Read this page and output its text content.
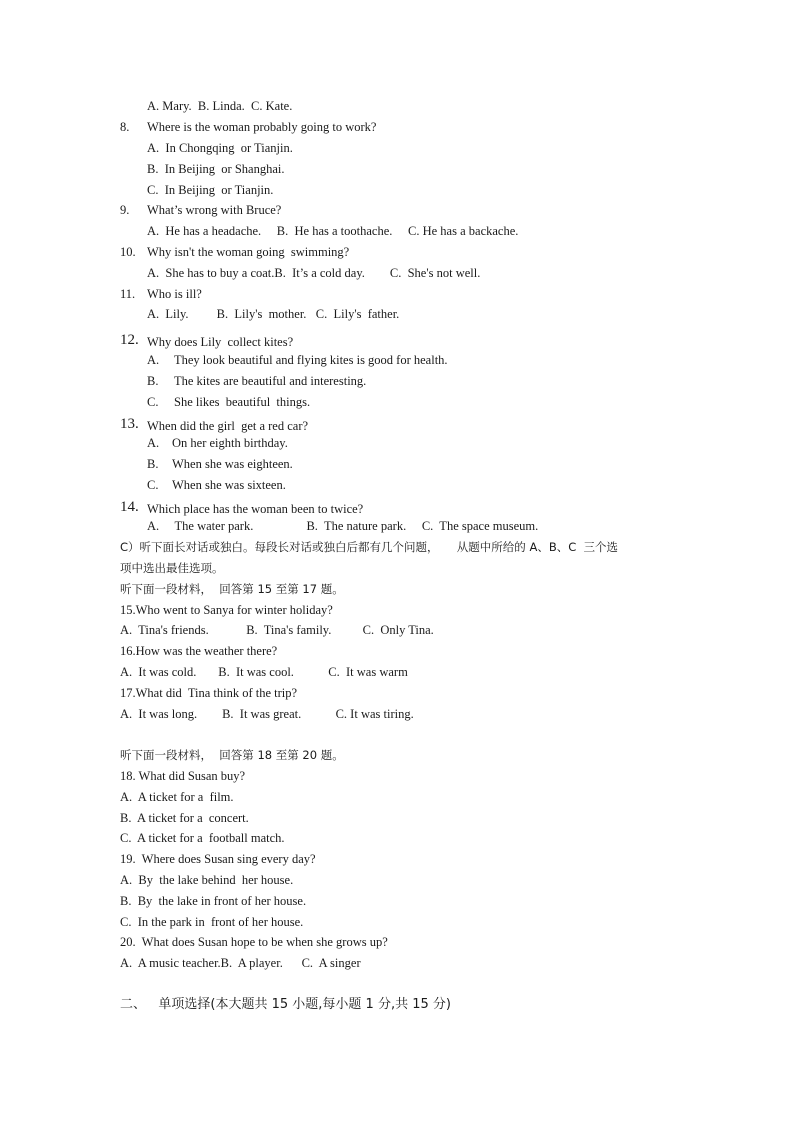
A. Mary.  B. Linda.  C. Kate.
8. Where is the woman probably going to work?
A.  In Chongqing  or Tianjin.
B.  In Beijing  or Shanghai.
C.  In Beijing  or Tianjin.
9. What’s wrong with Bruce?
A.  He has a headache.     B.  He has a toothache.     C. He has a backache.
10. Why isn't the woman going  swimming?
A.  She has to buy a coat.B.  It’s a cold day.        C.  She's not well.
11. Who is ill?
A.  Lily.         B.  Lily's  mother.   C.  Lily's  father.
12. Why does Lily  collect kites?
A. They look beautiful and flying kites is good for health.
B. The kites are beautiful and interesting.
C. She likes  beautiful  things.
13. When did the girl  get a red car?
A. On her eighth birthday.
B. When she was eighteen.
C. When she was sixteen.
14. Which place has the woman been to twice?
A.     The water park.                 B.  The nature park.     C.  The space museum.
C）听下面长对话或独白。每段长对话或独白后都有几个问题，     从题中所给的 A、B、C  三个选
项中选出最佳选项。
听下面一段材料，  回答第 15 至第 17 题。
15.Who went to Sanya for winter holiday?
A.  Tina's friends.            B.  Tina's family.          C.  Only Tina.
16.How was the weather there?
A.  It was cold.       B.  It was cool.           C.  It was warm
17.What did  Tina think of the trip?
A.  It was long.        B.  It was great.           C. It was tiring.
听下面一段材料，  回答第 18 至第 20 题。
18. What did Susan buy?
A.  A ticket for a  film.
B.  A ticket for a  concert.
C.  A ticket for a  football match.
19.  Where does Susan sing every day?
A.  By  the lake behind  her house.
B.  By  the lake in front of her house.
C.  In the park in  front of her house.
20.  What does Susan hope to be when she grows up?
A.  A music teacher.B.  A player.      C.  A singer
二、   单项选择(本大题共 15 小题,每小题 1 分,共 15 分)
